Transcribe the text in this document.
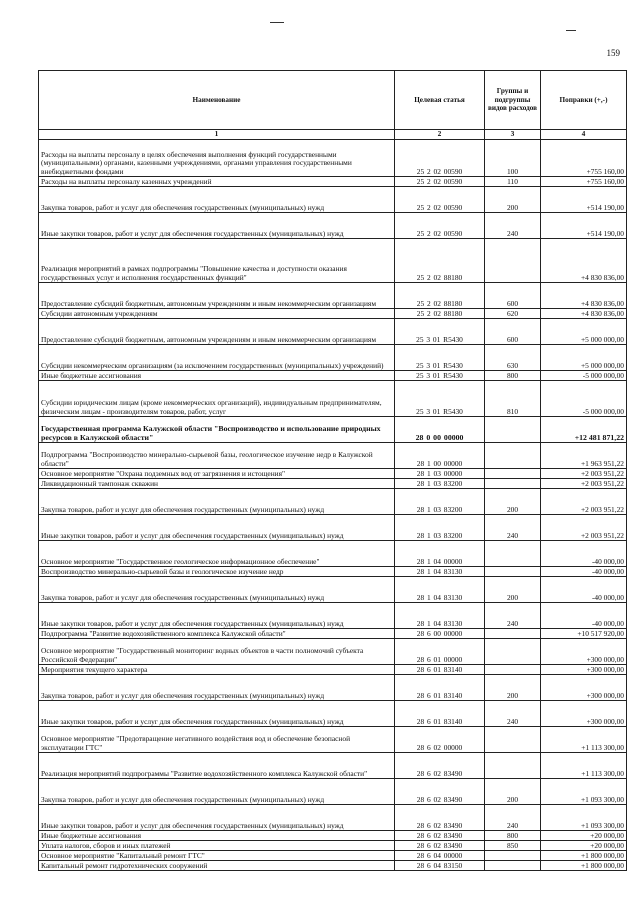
159
Наименование	Целевая статья	Группы и подгруппы видов расходов	Поправки (+,-)
1	2	3	4
Расходы на выплаты персоналу в целях обеспечения выполнения функций государственными (муниципальными) органами, казенными учреждениями, органами управления государственными внебюджетными фондами	25 2 02 00590	100	+755 160,00
Расходы на выплаты персоналу казенных учреждений	25 2 02 00590	110	+755 160,00
Закупка товаров, работ и услуг для обеспечения государственных (муниципальных) нужд	25 2 02 00590	200	+514 190,00
Иные закупки товаров, работ и услуг для обеспечения государственных (муниципальных) нужд	25 2 02 00590	240	+514 190,00
Реализация мероприятий в рамках подпрограммы "Повышение качества и доступности оказания государственных услуг и исполнения государственных функций"	25 2 02 88180		+4 830 836,00
Предоставление субсидий бюджетным, автономным учреждениям и иным некоммерческим организациям	25 2 02 88180	600	+4 830 836,00
Субсидии автономным учреждениям	25 2 02 88180	620	+4 830 836,00
Предоставление субсидий бюджетным, автономным учреждениям и иным некоммерческим организациям	25 3 01 R5430	600	+5 000 000,00
Субсидии некоммерческим организациям (за исключением государственных (муниципальных) учреждений)	25 3 01 R5430	630	+5 000 000,00
Иные бюджетные ассигнования	25 3 01 R5430	800	-5 000 000,00
Субсидии юридическим лицам (кроме некоммерческих организаций), индивидуальным предпринимателям, физическим лицам - производителям товаров, работ, услуг	25 3 01 R5430	810	-5 000 000,00
Государственная программа Калужской области "Воспроизводство и использование природных ресурсов в Калужской области"	28 0 00 00000		+12 481 871,22
Подпрограмма "Воспроизводство минерально-сырьевой базы, геологическое изучение недр в Калужской области"	28 1 00 00000		+1 963 951,22
Основное мероприятие "Охрана подземных вод от загрязнения и истощения"	28 1 03 00000		+2 003 951,22
Ликвидационный тампонаж скважин	28 1 03 83200		+2 003 951,22
Закупка товаров, работ и услуг для обеспечения государственных (муниципальных) нужд	28 1 03 83200	200	+2 003 951,22
Иные закупки товаров, работ и услуг для обеспечения государственных (муниципальных) нужд	28 1 03 83200	240	+2 003 951,22
Основное мероприятие "Государственное геологическое информационное обеспечение"	28 1 04 00000		-40 000,00
Воспроизводство минерально-сырьевой базы и геологическое изучение недр	28 1 04 83130		-40 000,00
Закупка товаров, работ и услуг для обеспечения государственных (муниципальных) нужд	28 1 04 83130	200	-40 000,00
Иные закупки товаров, работ и услуг для обеспечения государственных (муниципальных) нужд	28 1 04 83130	240	-40 000,00
Подпрограмма "Развитие водохозяйственного комплекса Калужской области"	28 6 00 00000		+10 517 920,00
Основное мероприятие "Государственный мониторинг водных объектов в части полномочий субъекта Российской Федерации"	28 6 01 00000		+300 000,00
Мероприятия текущего характера	28 6 01 83140		+300 000,00
Закупка товаров, работ и услуг для обеспечения государственных (муниципальных) нужд	28 6 01 83140	200	+300 000,00
Иные закупки товаров, работ и услуг для обеспечения государственных (муниципальных) нужд	28 6 01 83140	240	+300 000,00
Основное мероприятие "Предотвращение негативного воздействия вод и обеспечение безопасной эксплуатации ГТС"	28 6 02 00000		+1 113 300,00
Реализация мероприятий подпрограммы "Развитие водохозяйственного комплекса Калужской области"	28 6 02 83490		+1 113 300,00
Закупка товаров, работ и услуг для обеспечения государственных (муниципальных) нужд	28 6 02 83490	200	+1 093 300,00
Иные закупки товаров, работ и услуг для обеспечения государственных (муниципальных) нужд	28 6 02 83490	240	+1 093 300,00
Иные бюджетные ассигнования	28 6 02 83490	800	+20 000,00
Уплата налогов, сборов и иных платежей	28 6 02 83490	850	+20 000,00
Основное мероприятие "Капитальный ремонт ГТС"	28 6 04 00000		+1 800 000,00
Капитальный ремонт гидротехнических сооружений	28 6 04 83150		+1 800 000,00
